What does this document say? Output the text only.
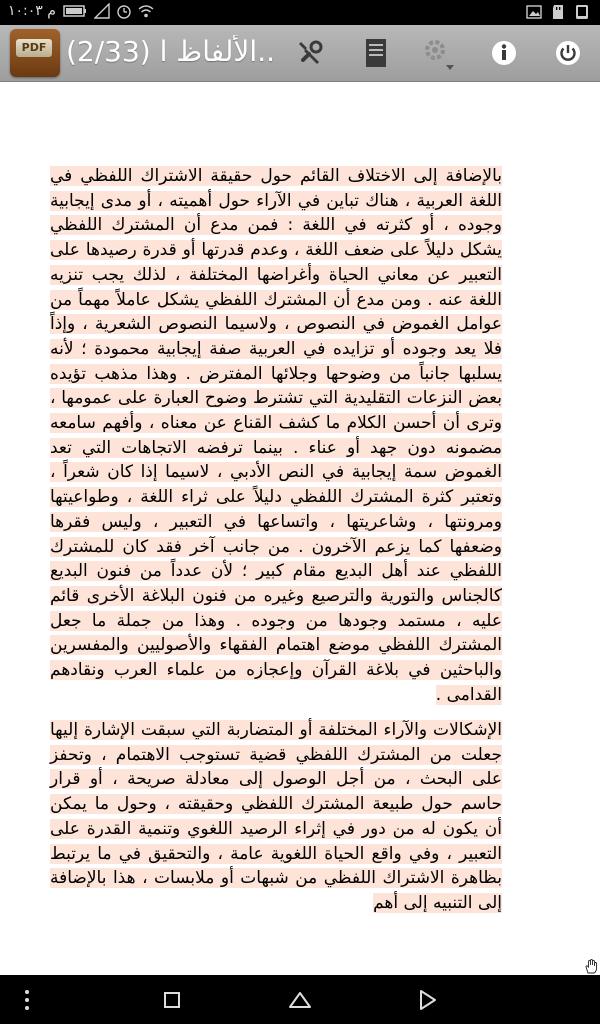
م ١٠:٠٣
PDF (2/33) الألفاظ ا..

بالإضافة إلى الاختلاف القائم حول حقيقة الاشتراك اللفظي في اللغة العربية ، هناك تباين في الآراء حول أهميته ، أو مدى إيجابية وجوده ، أو كثرته في اللغة : فمن مدع أن المشترك اللفظي يشكل دليلاً على ضعف اللغة ، وعدم قدرتها أو قدرة رصيدها على التعبير عن معاني الحياة وأغراضها المختلفة ، لذلك يجب تنزيه اللغة عنه . ومن مدع أن المشترك اللفظي يشكل عاملاً مهماً من عوامل الغموض في النصوص ، ولاسيما النصوص الشعرية ، وإذاً فلا يعد وجوده أو تزايده في العربية صفة إيجابية محمودة ؛ لأنه يسلبها جانباً من وضوحها وجلائها المفترض . وهذا مذهب تؤيده بعض النزعات التقليدية التي تشترط وضوح العبارة على عمومها ، وترى أن أحسن الكلام ما كشف القناع عن معناه ، وأفهم سامعه مضمونه دون جهد أو عناء . بينما ترفضه الاتجاهات التي تعد الغموض سمة إيجابية في النص الأدبي ، لاسيما إذا كان شعراً ، وتعتبر كثرة المشترك اللفظي دليلاً على ثراء اللغة ، وطواعيتها ومرونتها ، وشاعريتها ، واتساعها في التعبير ، وليس فقرها وضعفها كما يزعم الآخرون . من جانب آخر فقد كان للمشترك اللفظي عند أهل البديع مقام كبير ؛ لأن عدداً من فنون البديع كالجناس والتورية والترصيع وغيره من فنون البلاغة الأخرى قائم عليه ، مستمد وجودها من وجوده . وهذا من جملة ما جعل المشترك اللفظي موضع اهتمام الفقهاء والأصوليين والمفسرين والباحثين في بلاغة القرآن وإعجازه من علماء العرب ونقادهم القدامى .

الإشكالات والآراء المختلفة أو المتضاربة التي سبقت الإشارة إليها جعلت من المشترك اللفظي قضية تستوجب الاهتمام ، وتحفز على البحث ، من أجل الوصول إلى معادلة صريحة ، أو قرار حاسم حول طبيعة المشترك اللفظي وحقيقته ، وحول ما يمكن أن يكون له من دور في إثراء الرصيد اللغوي وتنمية القدرة على التعبير ، وفي واقع الحياة اللغوية عامة ، والتحقيق في ما يرتبط بظاهرة الاشتراك اللفظي من شبهات أو ملابسات ، هذا بالإضافة إلى التنبيه إلى أهم
